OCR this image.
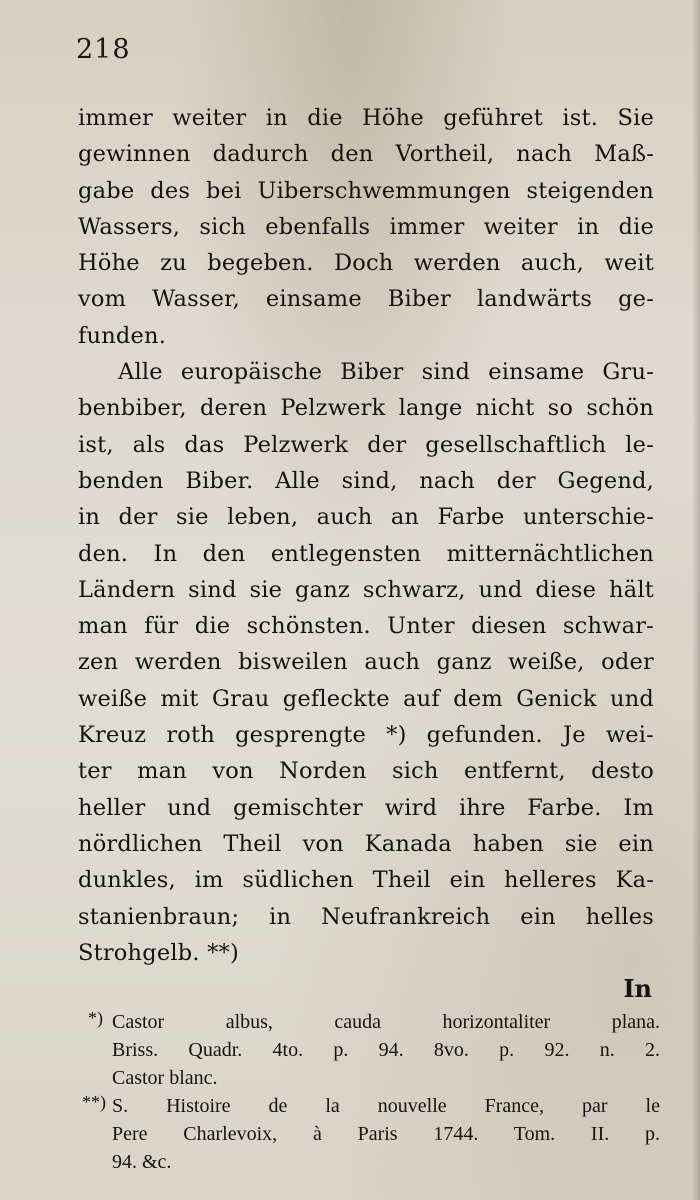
218
immer weiter in die Höhe geführet ist. Sie
gewinnen dadurch den Vortheil, nach Maß-
gabe des bei Uiberschwemmungen steigenden
Wassers, sich ebenfalls immer weiter in die
Höhe zu begeben. Doch werden auch, weit
vom Wasser, einsame Biber landwärts ge-
funden.
Alle europäische Biber sind einsame Gru-
benbiber, deren Pelzwerk lange nicht so schön
ist, als das Pelzwerk der gesellschaftlich le-
benden Biber. Alle sind, nach der Gegend,
in der sie leben, auch an Farbe unterschie-
den. In den entlegensten mitternächtlichen
Ländern sind sie ganz schwarz, und diese hält
man für die schönsten. Unter diesen schwar-
zen werden bisweilen auch ganz weiße, oder
weiße mit Grau gefleckte auf dem Genick und
Kreuz roth gesprengte *) gefunden. Je wei-
ter man von Norden sich entfernt, desto
heller und gemischter wird ihre Farbe. Im
nördlichen Theil von Kanada haben sie ein
dunkles, im südlichen Theil ein helleres Ka-
stanienbraun; in Neufrankreich ein helles
Strohgelb. **)
In
*) Castor albus, cauda horizontaliter plana.
Briss. Quadr. 4to. p. 94. 8vo. p. 92. n. 2.
Castor blanc.
**) S. Histoire de la nouvelle France, par le
Pere Charlevoix, à Paris 1744. Tom. II. p.
94. &c.
